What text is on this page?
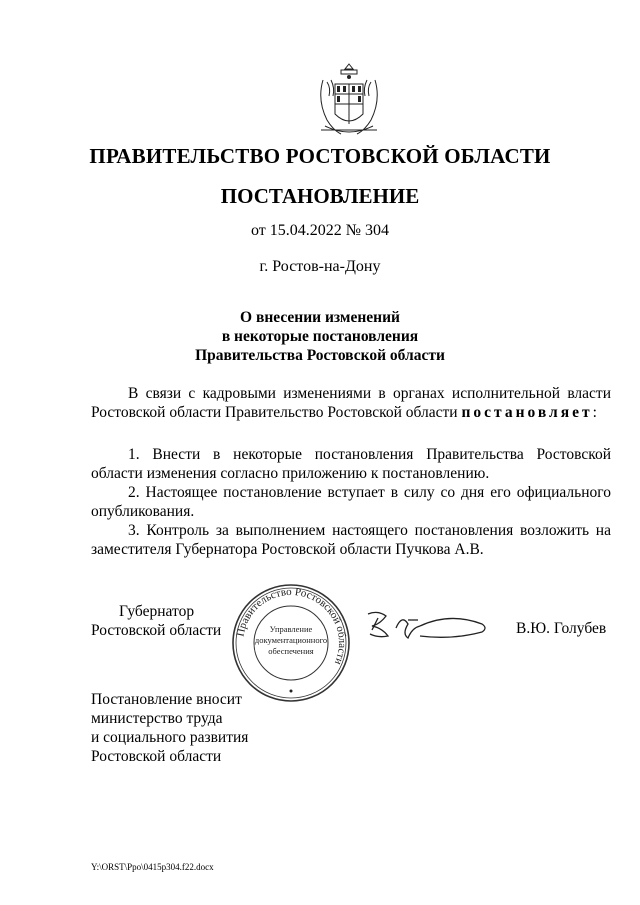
ПРАВИТЕЛЬСТВО РОСТОВСКОЙ ОБЛАСТИ
ПОСТАНОВЛЕНИЕ
от 15.04.2022 № 304
г. Ростов-на-Дону
О внесении изменений
в некоторые постановления
Правительства Ростовской области
В связи с кадровыми изменениями в органах исполнительной власти Ростовской области Правительство Ростовской области постановляет:
1. Внести в некоторые постановления Правительства Ростовской области изменения согласно приложению к постановлению.
2. Настоящее постановление вступает в силу со дня его официального опубликования.
3. Контроль за выполнением настоящего постановления возложить на заместителя Губернатора Ростовской области Пучкова А.В.
Губернатор
Ростовской области Правительство Ростовской области
Управление
документационного
обеспечения
В.Ю. Голубев
Постановление вносит
министерство труда
и социального развития
Ростовской области
Y:\ORST\Ppo\0415p304.f22.docx
